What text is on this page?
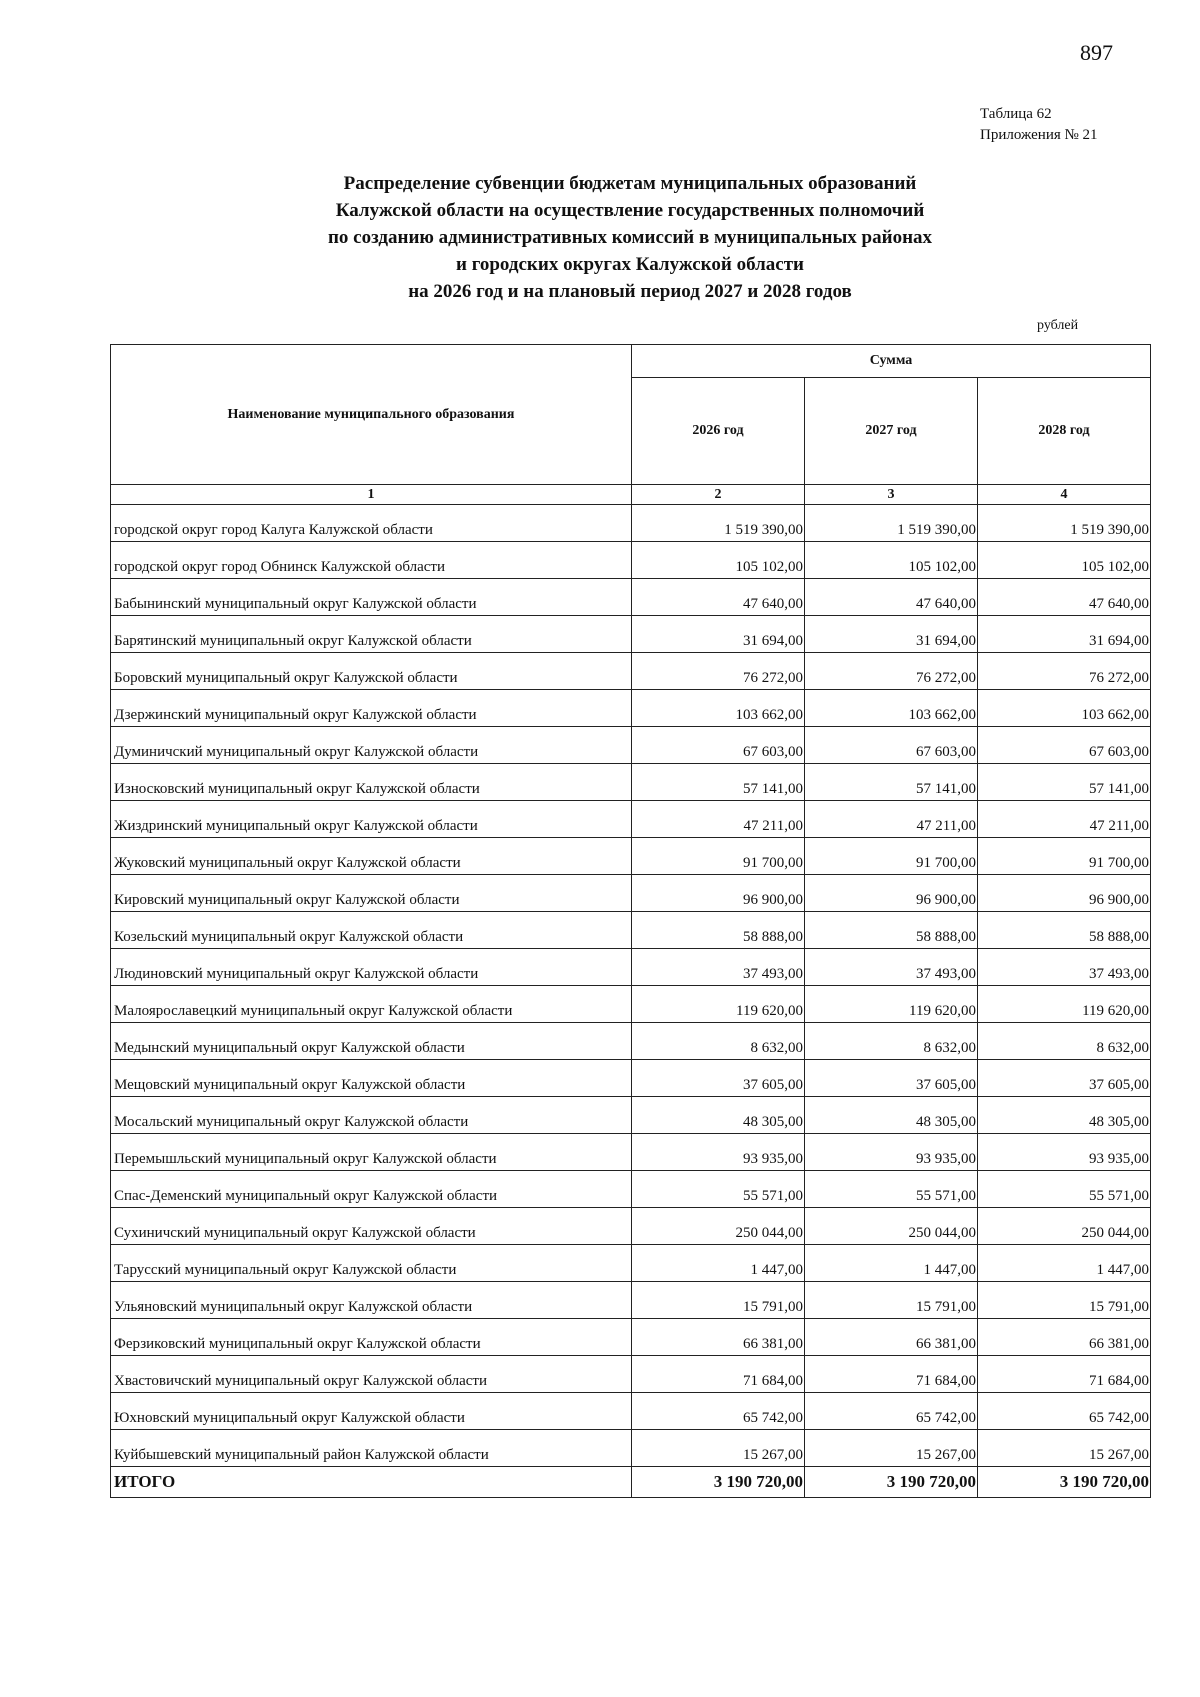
897
Таблица 62
Приложения № 21
Распределение субвенции бюджетам муниципальных образований
Калужской области на осуществление государственных полномочий
по созданию административных комиссий в муниципальных районах
и городских округах Калужской области
на 2026 год и на плановый период 2027 и 2028 годов
рублей
Наименование муниципального образования	Сумма		
	2026 год	2027 год	2028 год
1	2	3	4
городской округ город Калуга Калужской области	1 519 390,00	1 519 390,00	1 519 390,00
городской округ город Обнинск Калужской области	105 102,00	105 102,00	105 102,00
Бабынинский муниципальный округ Калужской области	47 640,00	47 640,00	47 640,00
Барятинский муниципальный округ Калужской области	31 694,00	31 694,00	31 694,00
Боровский муниципальный округ Калужской области	76 272,00	76 272,00	76 272,00
Дзержинский муниципальный округ Калужской области	103 662,00	103 662,00	103 662,00
Думиничский муниципальный округ Калужской области	67 603,00	67 603,00	67 603,00
Износковский муниципальный округ Калужской области	57 141,00	57 141,00	57 141,00
Жиздринский муниципальный округ Калужской области	47 211,00	47 211,00	47 211,00
Жуковский муниципальный округ Калужской области	91 700,00	91 700,00	91 700,00
Кировский муниципальный округ Калужской области	96 900,00	96 900,00	96 900,00
Козельский муниципальный округ Калужской области	58 888,00	58 888,00	58 888,00
Людиновский муниципальный округ Калужской области	37 493,00	37 493,00	37 493,00
Малоярославецкий муниципальный округ Калужской области	119 620,00	119 620,00	119 620,00
Медынский муниципальный округ Калужской области	8 632,00	8 632,00	8 632,00
Мещовский муниципальный округ Калужской области	37 605,00	37 605,00	37 605,00
Мосальский муниципальный округ Калужской области	48 305,00	48 305,00	48 305,00
Перемышльский муниципальный округ Калужской области	93 935,00	93 935,00	93 935,00
Спас-Деменский муниципальный округ Калужской области	55 571,00	55 571,00	55 571,00
Сухиничский муниципальный округ Калужской области	250 044,00	250 044,00	250 044,00
Тарусский муниципальный округ Калужской области	1 447,00	1 447,00	1 447,00
Ульяновский муниципальный округ Калужской области	15 791,00	15 791,00	15 791,00
Ферзиковский муниципальный округ Калужской области	66 381,00	66 381,00	66 381,00
Хвастовичский муниципальный округ Калужской области	71 684,00	71 684,00	71 684,00
Юхновский муниципальный округ Калужской области	65 742,00	65 742,00	65 742,00
Куйбышевский муниципальный район Калужской области	15 267,00	15 267,00	15 267,00
ИТОГО	3 190 720,00	3 190 720,00	3 190 720,00
